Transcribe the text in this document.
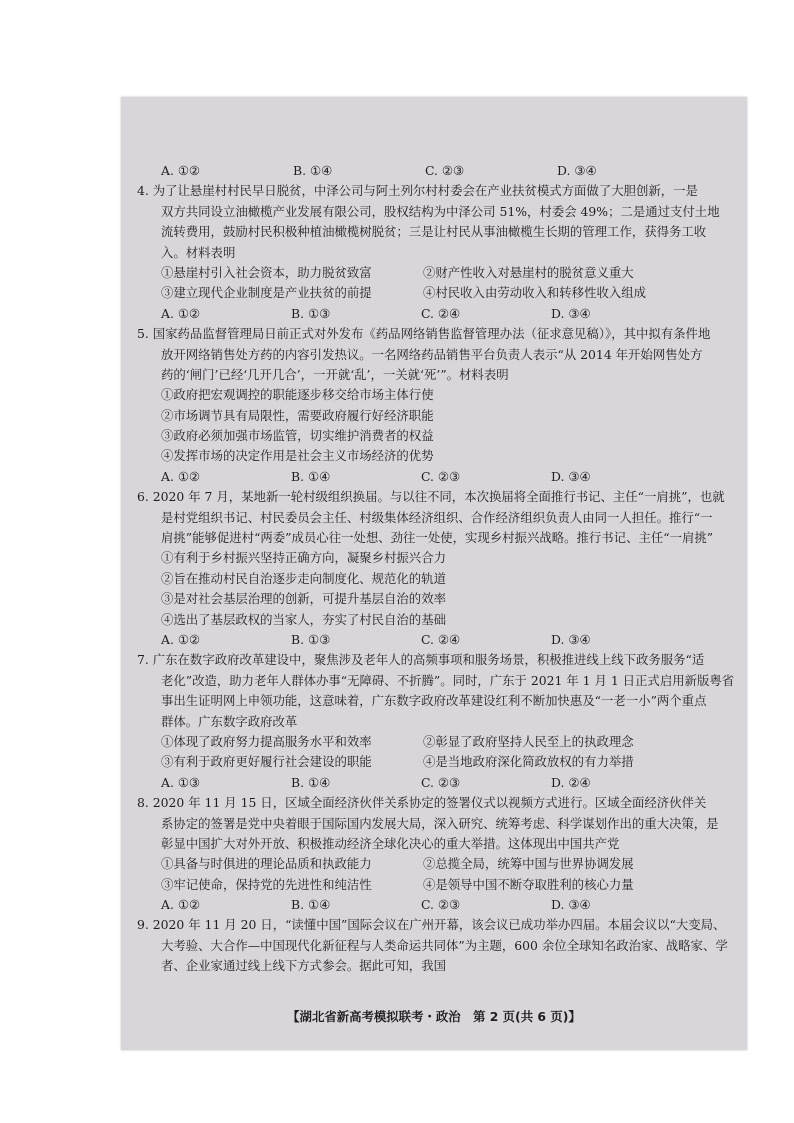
A. ①②	B. ①④	C. ②③	D. ③④
4. 为了让悬崖村村民早日脱贫，中泽公司与阿土列尔村村委会在产业扶贫模式方面做了大胆创新，一是
双方共同设立油橄榄产业发展有限公司，股权结构为中泽公司 51%，村委会 49%；二是通过支付土地
流转费用，鼓励村民积极种植油橄榄树脱贫；三是让村民从事油橄榄生长期的管理工作，获得务工收
入。材料表明
①悬崖村引入社会资本，助力脱贫致富	②财产性收入对悬崖村的脱贫意义重大
③建立现代企业制度是产业扶贫的前提	④村民收入由劳动收入和转移性收入组成
A. ①②	B. ①③	C. ②④	D. ③④
5. 国家药品监督管理局日前正式对外发布《药品网络销售监督管理办法（征求意见稿）》，其中拟有条件地
放开网络销售处方药的内容引发热议。一名网络药品销售平台负责人表示“从 2014 年开始网售处方
药的‘闸门’已经‘几开几合’，一开就‘乱’，一关就‘死’”。材料表明
①政府把宏观调控的职能逐步移交给市场主体行使
②市场调节具有局限性，需要政府履行好经济职能
③政府必须加强市场监管，切实维护消费者的权益
④发挥市场的决定作用是社会主义市场经济的优势
A. ①②	B. ①④	C. ②③	D. ③④
6. 2020 年 7 月，某地新一轮村级组织换届。与以往不同，本次换届将全面推行书记、主任“一肩挑”，也就
是村党组织书记、村民委员会主任、村级集体经济组织、合作经济组织负责人由同一人担任。推行“一
肩挑”能够促进村“两委”成员心往一处想、劲往一处使，实现乡村振兴战略。推行书记、主任“一肩挑”
①有利于乡村振兴坚持正确方向，凝聚乡村振兴合力
②旨在推动村民自治逐步走向制度化、规范化的轨道
③是对社会基层治理的创新，可提升基层自治的效率
④选出了基层政权的当家人，夯实了村民自治的基础
A. ①②	B. ①③	C. ②④	D. ③④
7. 广东在数字政府改革建设中，聚焦涉及老年人的高频事项和服务场景，积极推进线上线下政务服务“适
老化”改造，助力老年人群体办事“无障碍、不折腾”。同时，广东于 2021 年 1 月 1 日正式启用新版粤省
事出生证明网上申领功能，这意味着，广东数字政府改革建设红利不断加快惠及“一老一小”两个重点
群体。广东数字政府改革
①体现了政府努力提高服务水平和效率	②彰显了政府坚持人民至上的执政理念
③有利于政府更好履行社会建设的职能	④是当地政府深化简政放权的有力举措
A. ①③	B. ①④	C. ②③	D. ②④
8. 2020 年 11 月 15 日，区域全面经济伙伴关系协定的签署仪式以视频方式进行。区域全面经济伙伴关
系协定的签署是党中央着眼于国际国内发展大局，深入研究、统筹考虑、科学谋划作出的重大决策，是
彰显中国扩大对外开放、积极推动经济全球化决心的重大举措。这体现出中国共产党
①具备与时俱进的理论品质和执政能力	②总揽全局，统筹中国与世界协调发展
③牢记使命，保持党的先进性和纯洁性	④是领导中国不断夺取胜利的核心力量
A. ①②	B. ①④	C. ②③	D. ③④
9. 2020 年 11 月 20 日，“读懂中国”国际会议在广州开幕，该会议已成功举办四届。本届会议以“大变局、
大考验、大合作—中国现代化新征程与人类命运共同体”为主题，600 余位全球知名政治家、战略家、学
者、企业家通过线上线下方式参会。据此可知，我国
【湖北省新高考模拟联考・政治　第 2 页(共 6 页)】
